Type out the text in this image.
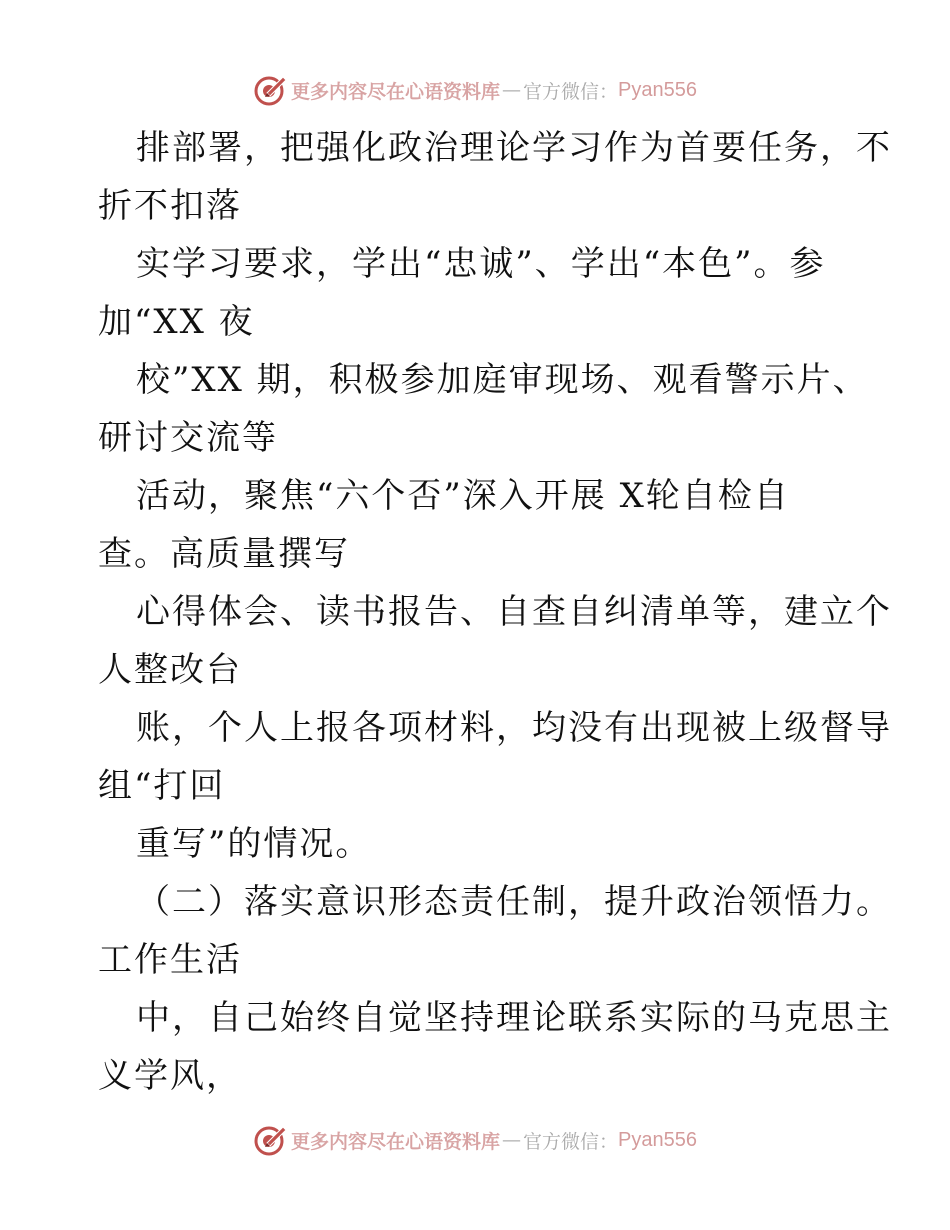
更多内容尽在心语资料库 — 官方微信： Pyan556
排部署，把强化政治理论学习作为首要任务，不
折不扣落
实学习要求，学出“忠诚”、学出“本色”。参
加“XX 夜
校”XX 期，积极参加庭审现场、观看警示片、
研讨交流等
活动，聚焦“六个否”深入开展 X轮自检自
查。高质量撰写
心得体会、读书报告、自查自纠清单等，建立个
人整改台
账，个人上报各项材料，均没有出现被上级督导
组“打回
重写”的情况。
（二）落实意识形态责任制，提升政治领悟力。
工作生活
中，自己始终自觉坚持理论联系实际的马克思主
义学风，
更多内容尽在心语资料库 — 官方微信： Pyan556
